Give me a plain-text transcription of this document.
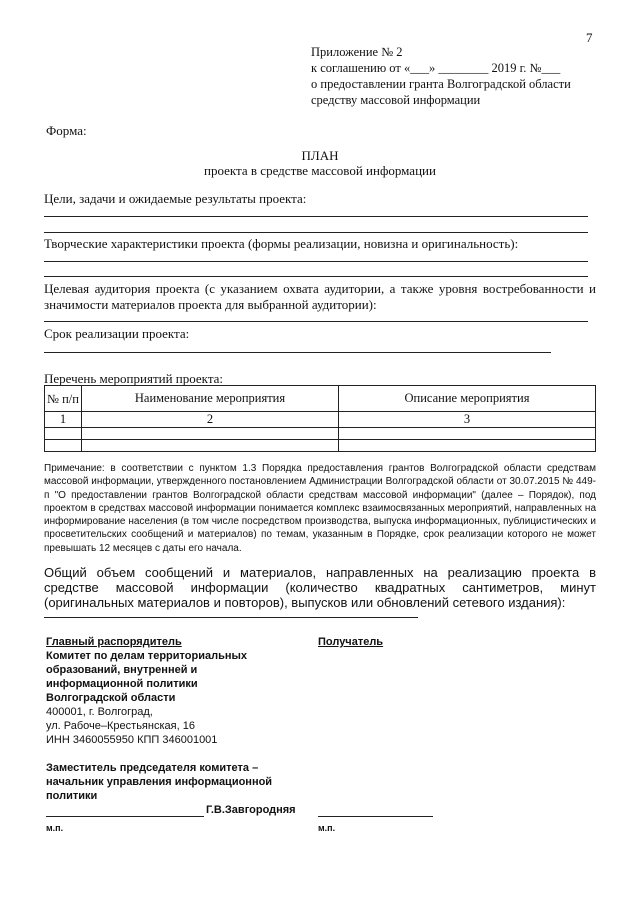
7
Приложение № 2
к соглашению от «___» ________ 2019 г. №___
о предоставлении гранта Волгоградской области
средству массовой информации
Форма:
ПЛАН
проекта в средстве массовой информации
Цели, задачи и ожидаемые результаты проекта:
Творческие характеристики проекта (формы реализации, новизна и оригинальность):
Целевая аудитория проекта (с указанием охвата аудитории, а также уровня востребованности и значимости материалов проекта для выбранной аудитории):
Срок реализации проекта:
Перечень мероприятий проекта:
№ п/п	Наименование мероприятия	Описание мероприятия
1	2	3

Примечание: в соответствии с пунктом 1.3 Порядка предоставления грантов Волгоградской области средствам массовой информации, утвержденного постановлением Администрации Волгоградской области от 30.07.2015 № 449-п "О предоставлении грантов Волгоградской области средствам массовой информации" (далее – Порядок), под проектом в средствах массовой информации понимается комплекс взаимосвязанных мероприятий, направленных на информирование населения (в том числе посредством производства, выпуска информационных, публицистических и просветительских сообщений и материалов) по темам, указанным в Порядке, срок реализации которого не может превышать 12 месяцев с даты его начала.
Общий объем сообщений и материалов, направленных на реализацию проекта в средстве массовой информации (количество квадратных сантиметров, минут (оригинальных материалов и повторов), выпусков или обновлений сетевого издания):
Главный распорядитель
Комитет по делам территориальных
образований, внутренней и
информационной политики
Волгоградской области
400001, г. Волгоград,
ул. Рабоче–Крестьянская, 16
ИНН 3460055950 КПП 346001001
Заместитель председателя комитета –
начальник управления информационной
политики
Г.В.Завгородняя
м.п.
Получатель
м.п.
